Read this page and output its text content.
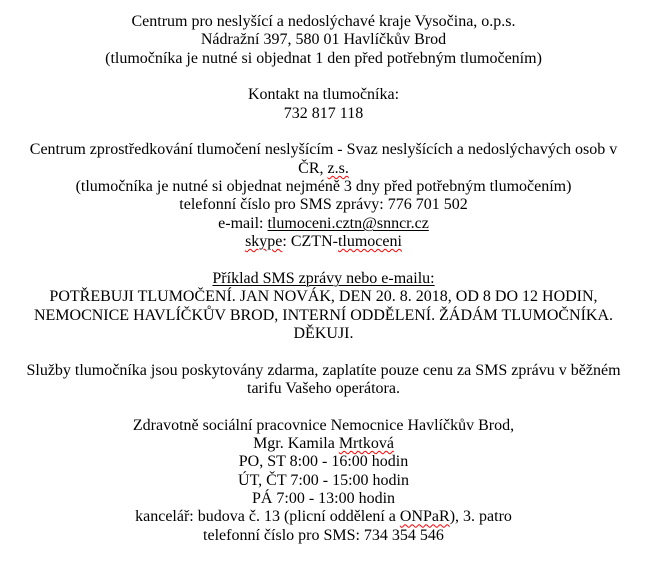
Centrum pro neslyšící a nedoslýchavé kraje Vysočina, o.p.s.
Nádražní 397, 580 01 Havlíčkův Brod
(tlumočníka je nutné si objednat 1 den před potřebným tlumočením)
Kontakt na tlumočníka:
732 817 118
Centrum zprostředkování tlumočení neslyšícím - Svaz neslyšících a nedoslýchavých osob v
ČR, z.s.
(tlumočníka je nutné si objednat nejméně 3 dny před potřebným tlumočením)
telefonní číslo pro SMS zprávy: 776 701 502
e-mail: tlumoceni.cztn@snncr.cz
skype: CZTN-tlumoceni
Příklad SMS zprávy nebo e-mailu:
POTŘEBUJI TLUMOČENÍ. JAN NOVÁK, DEN 20. 8. 2018, OD 8 DO 12 HODIN,
NEMOCNICE HAVLÍČKŮV BROD, INTERNÍ ODDĚLENÍ. ŽÁDÁM TLUMOČNÍKA.
DĚKUJI.
Služby tlumočníka jsou poskytovány zdarma, zaplatíte pouze cenu za SMS zprávu v běžném
tarifu Vašeho operátora.
Zdravotně sociální pracovnice Nemocnice Havlíčkův Brod,
Mgr. Kamila Mrtková
PO, ST 8:00 - 16:00 hodin
ÚT, ČT 7:00 - 15:00 hodin
PÁ 7:00 - 13:00 hodin
kancelář: budova č. 13 (plicní oddělení a ONPaR), 3. patro
telefonní číslo pro SMS: 734 354 546
